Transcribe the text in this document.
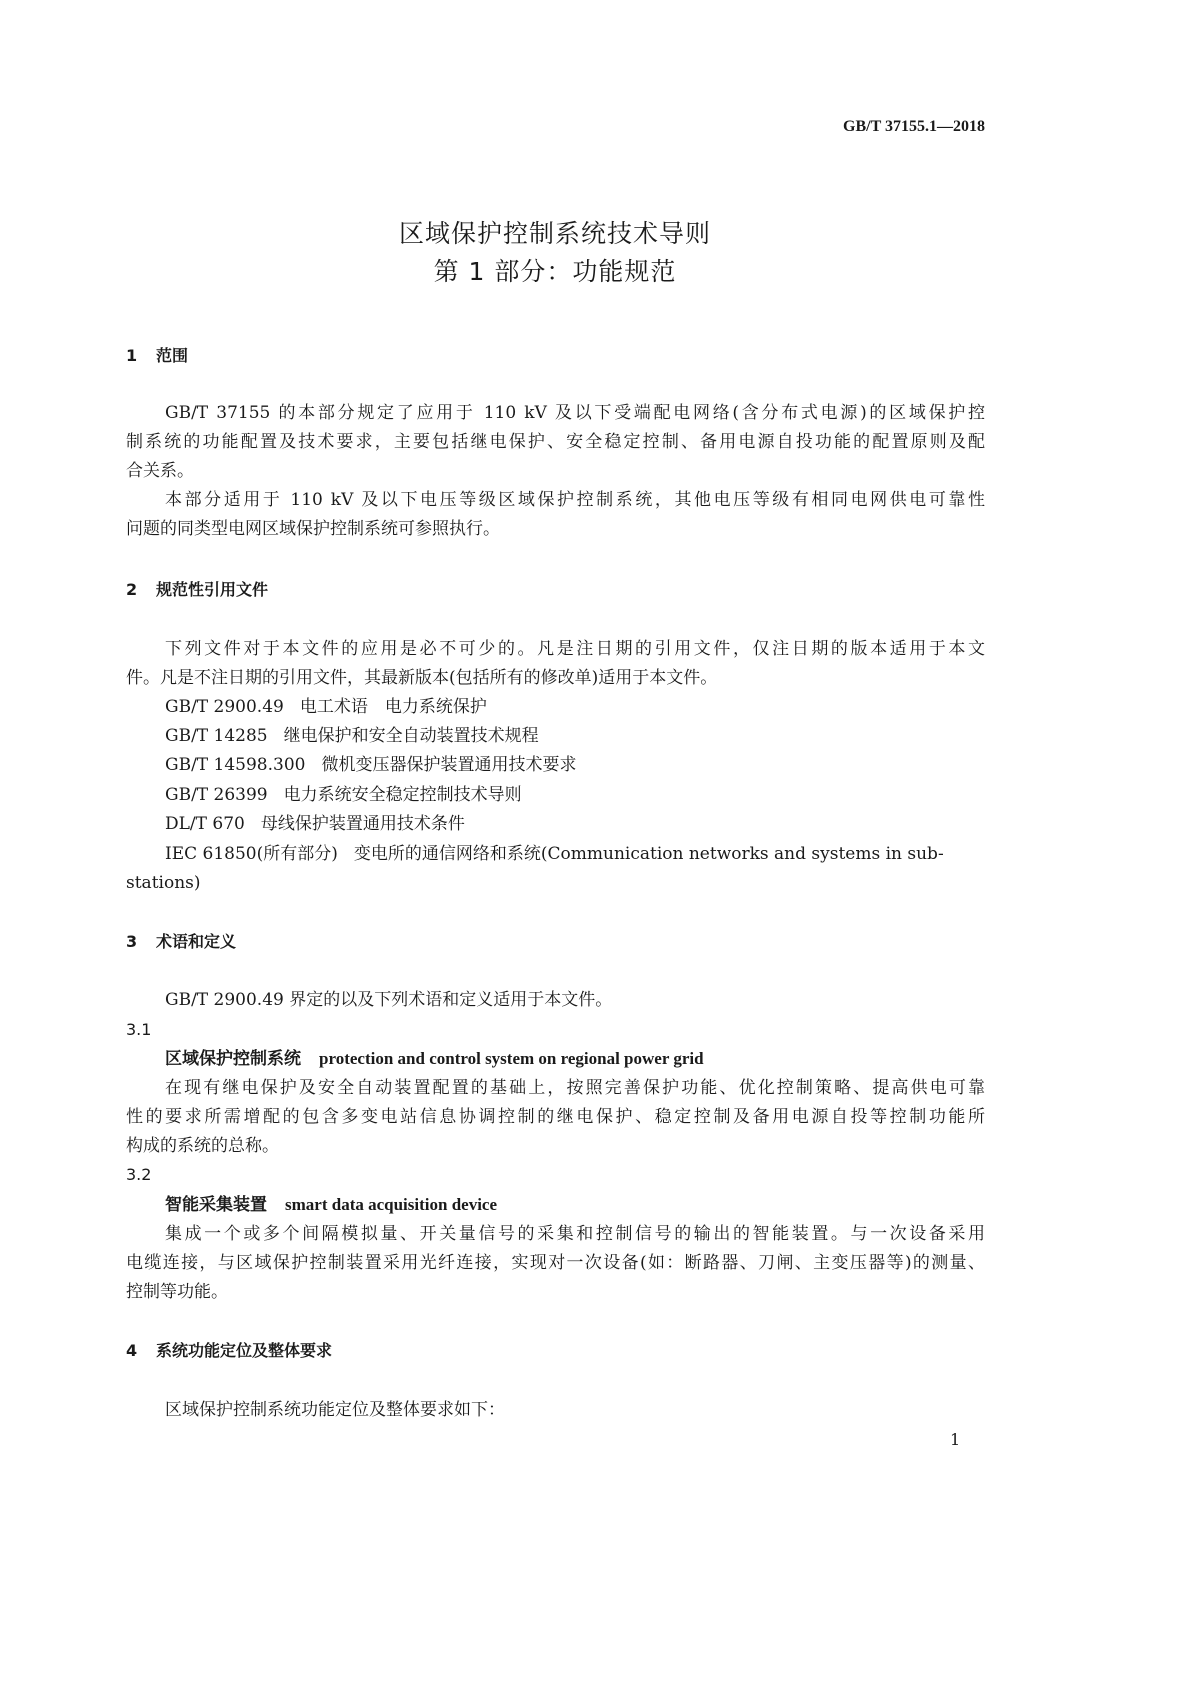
GB/T 37155.1—2018
区域保护控制系统技术导则
第 1 部分：功能规范
1 范围
GB/T 37155 的本部分规定了应用于 110 kV 及以下受端配电网络(含分布式电源)的区域保护控
制系统的功能配置及技术要求，主要包括继电保护、安全稳定控制、备用电源自投功能的配置原则及配
合关系。
本部分适用于 110 kV 及以下电压等级区域保护控制系统，其他电压等级有相同电网供电可靠性
问题的同类型电网区域保护控制系统可参照执行。
2 规范性引用文件
下列文件对于本文件的应用是必不可少的。凡是注日期的引用文件，仅注日期的版本适用于本文
件。凡是不注日期的引用文件，其最新版本(包括所有的修改单)适用于本文件。
GB/T 2900.49 电工术语　电力系统保护
GB/T 14285 继电保护和安全自动装置技术规程
GB/T 14598.300 微机变压器保护装置通用技术要求
GB/T 26399 电力系统安全稳定控制技术导则
DL/T 670 母线保护装置通用技术条件
IEC 61850(所有部分) 变电所的通信网络和系统(Communication networks and systems in sub-
stations)
3 术语和定义
GB/T 2900.49 界定的以及下列术语和定义适用于本文件。
3.1
区域保护控制系统 protection and control system on regional power grid
在现有继电保护及安全自动装置配置的基础上，按照完善保护功能、优化控制策略、提高供电可靠
性的要求所需增配的包含多变电站信息协调控制的继电保护、稳定控制及备用电源自投等控制功能所
构成的系统的总称。
3.2
智能采集装置 smart data acquisition device
集成一个或多个间隔模拟量、开关量信号的采集和控制信号的输出的智能装置。与一次设备采用
电缆连接，与区域保护控制装置采用光纤连接，实现对一次设备(如：断路器、刀闸、主变压器等)的测量、
控制等功能。
4 系统功能定位及整体要求
区域保护控制系统功能定位及整体要求如下：
1
